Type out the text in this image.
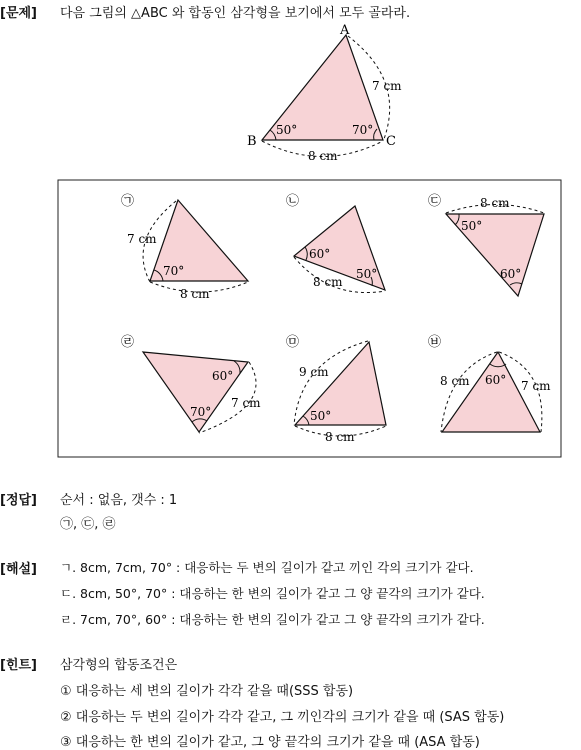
[문제] 다음 그림의 △ABC 와 합동인 삼각형을 보기에서 모두 골라라.
A
B	C
50°	70°
7 cm
8 cm
㉠
7 cm
70°
8 cm
㉡
60°
50°
8 cm
㉢	8 cm
50°
60°
㉣
60°
70°
7 cm
㉤
9 cm
50°
8 cm
㉥
8 cm 60° 7 cm
[정답] 순서 : 없음, 갯수 : 1
㉠, ㉢, ㉣
[해설] ㄱ. 8cm, 7cm, 70° : 대응하는 두 변의 길이가 같고 끼인 각의 크기가 같다.
ㄷ. 8cm, 50°, 70° : 대응하는 한 변의 길이가 같고 그 양 끝각의 크기가 같다.
ㄹ. 7cm, 70°, 60° : 대응하는 한 변의 길이가 같고 그 양 끝각의 크기가 같다.
[힌트] 삼각형의 합동조건은
① 대응하는 세 변의 길이가 각각 같을 때(SSS 합동)
② 대응하는 두 변의 길이가 각각 같고, 그 끼인각의 크기가 같을 때 (SAS 합동)
③ 대응하는 한 변의 길이가 같고, 그 양 끝각의 크기가 같을 때 (ASA 합동)
